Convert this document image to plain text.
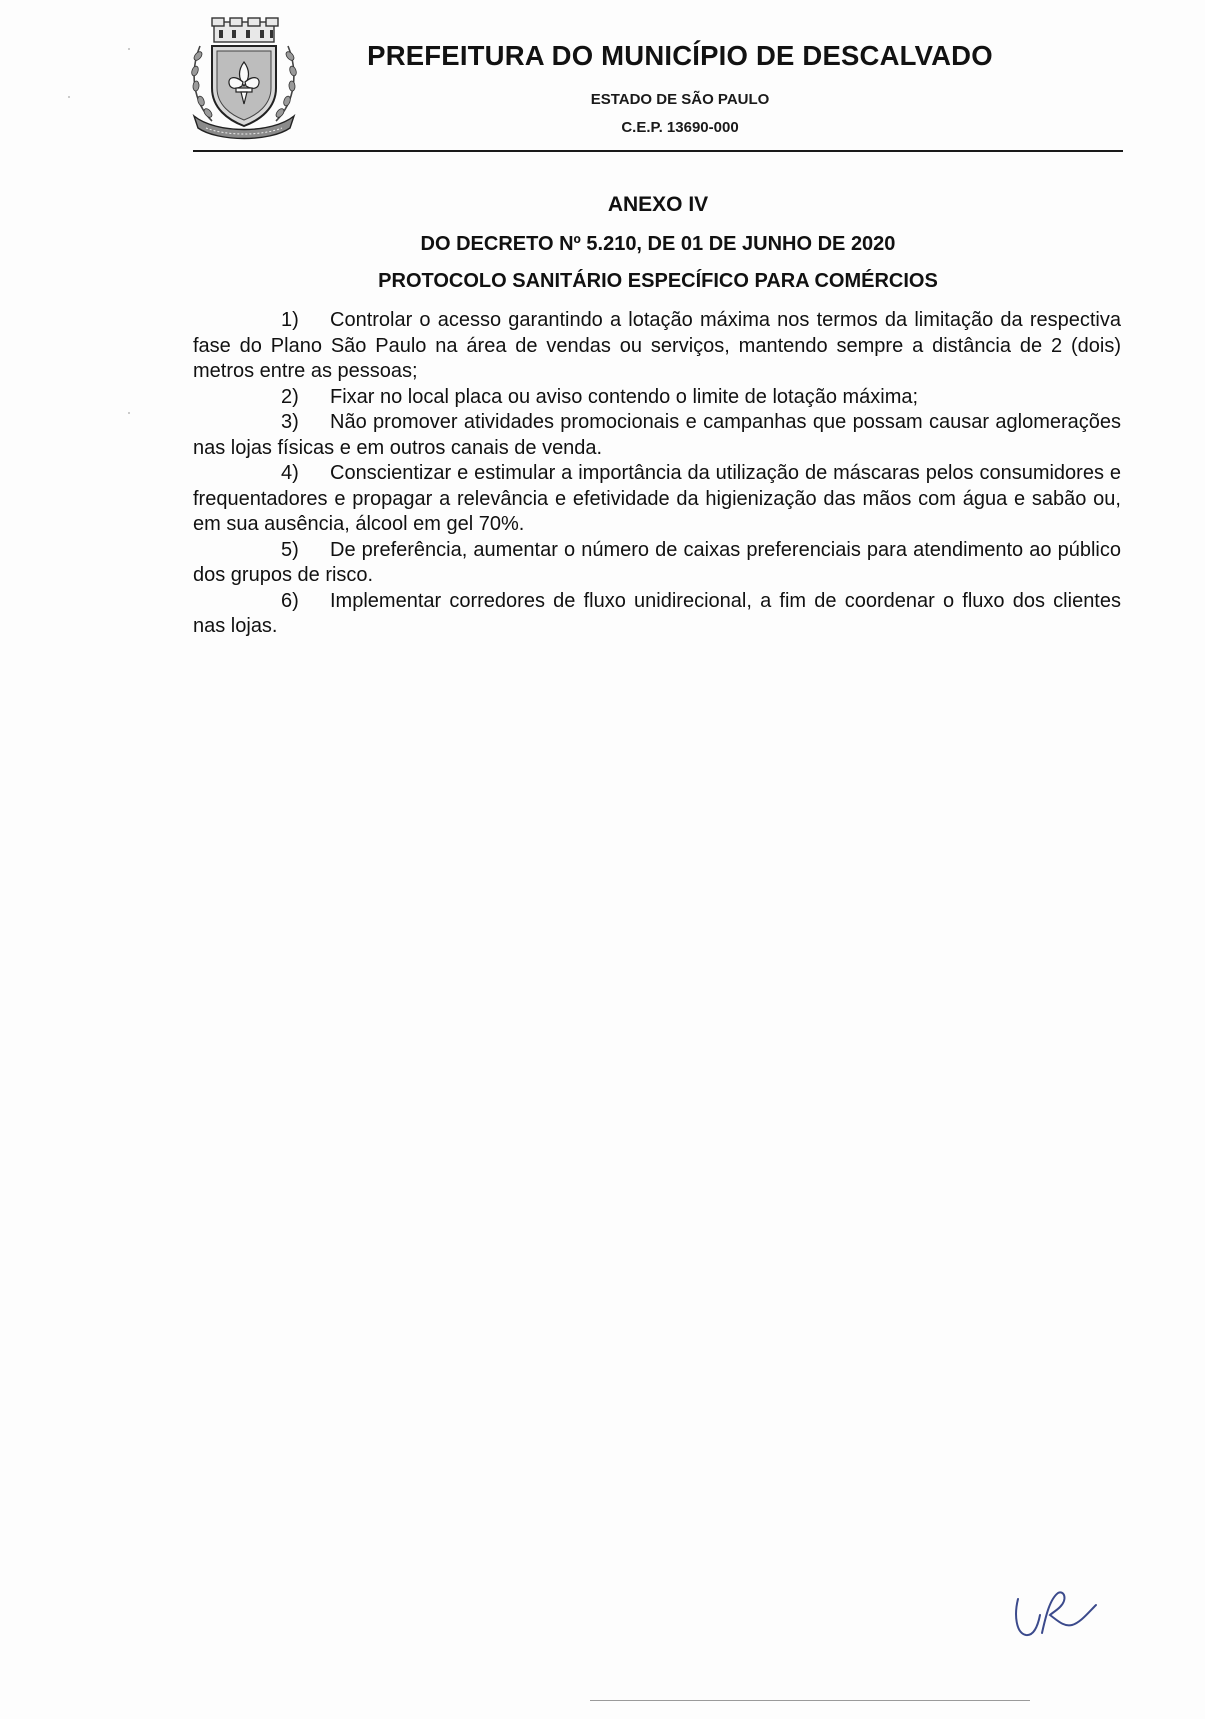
PREFEITURA DO MUNICÍPIO DE DESCALVADO
ESTADO DE SÃO PAULO
C.E.P. 13690-000
ANEXO IV
DO DECRETO Nº 5.210, DE 01 DE JUNHO DE 2020
PROTOCOLO SANITÁRIO ESPECÍFICO PARA COMÉRCIOS

1) Controlar o acesso garantindo a lotação máxima nos termos da limitação da respectiva fase do Plano São Paulo na área de vendas ou serviços, mantendo sempre a distância de 2 (dois) metros entre as pessoas;

2) Fixar no local placa ou aviso contendo o limite de lotação máxima;

3) Não promover atividades promocionais e campanhas que possam causar aglomerações nas lojas físicas e em outros canais de venda.

4) Conscientizar e estimular a importância da utilização de máscaras pelos consumidores e frequentadores e propagar a relevância e efetividade da higienização das mãos com água e sabão ou, em sua ausência, álcool em gel 70%.

5) De preferência, aumentar o número de caixas preferenciais para atendimento ao público dos grupos de risco.

6) Implementar corredores de fluxo unidirecional, a fim de coordenar o fluxo dos clientes nas lojas.
